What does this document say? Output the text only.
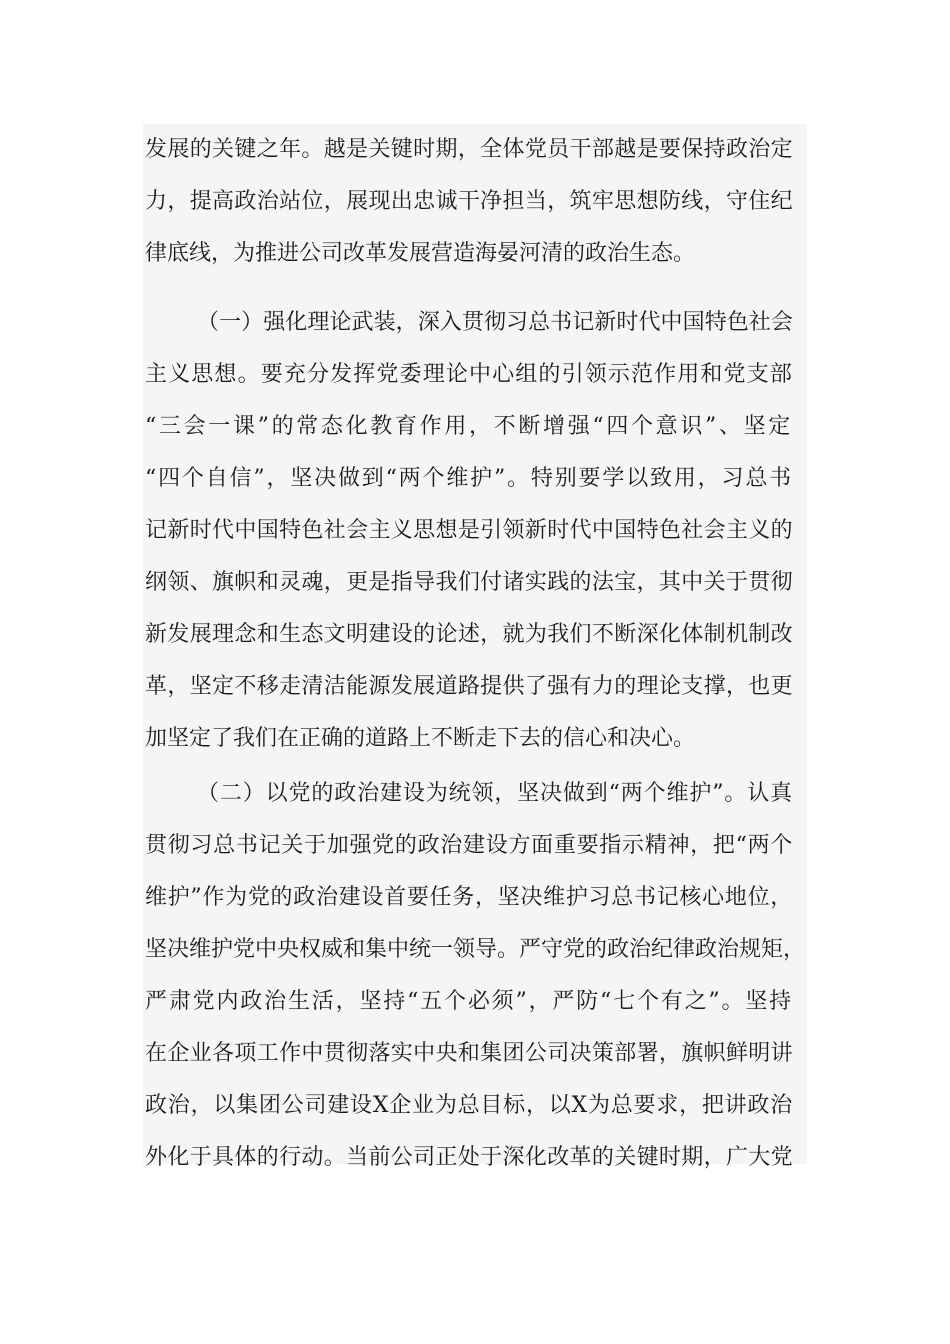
发展的关键之年。越是关键时期，全体党员干部越是要保持政治定
力，提高政治站位，展现出忠诚干净担当，筑牢思想防线，守住纪
律底线，为推进公司改革发展营造海晏河清的政治生态。
（一）强化理论武装，深入贯彻习总书记新时代中国特色社会
主义思想。要充分发挥党委理论中心组的引领示范作用和党支部
“三会一课”的常态化教育作用，不断增强“四个意识”、坚定
“四个自信”，坚决做到“两个维护”。特别要学以致用，习总书
记新时代中国特色社会主义思想是引领新时代中国特色社会主义的
纲领、旗帜和灵魂，更是指导我们付诸实践的法宝，其中关于贯彻
新发展理念和生态文明建设的论述，就为我们不断深化体制机制改
革，坚定不移走清洁能源发展道路提供了强有力的理论支撑，也更
加坚定了我们在正确的道路上不断走下去的信心和决心。
（二）以党的政治建设为统领，坚决做到“两个维护”。认真
贯彻习总书记关于加强党的政治建设方面重要指示精神，把“两个
维护”作为党的政治建设首要任务，坚决维护习总书记核心地位，
坚决维护党中央权威和集中统一领导。严守党的政治纪律政治规矩，
严肃党内政治生活，坚持“五个必须”，严防“七个有之”。坚持
在企业各项工作中贯彻落实中央和集团公司决策部署，旗帜鲜明讲
政治，以集团公司建设X企业为总目标，以X为总要求，把讲政治
外化于具体的行动。当前公司正处于深化改革的关键时期，广大党
